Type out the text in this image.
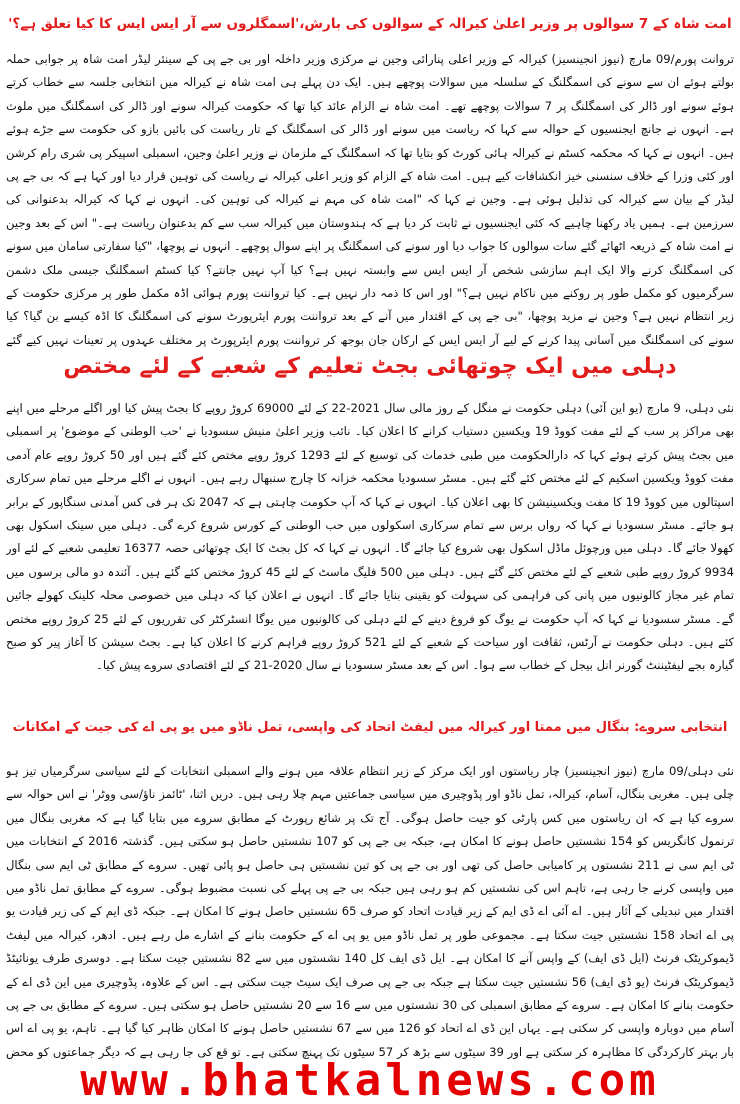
امت شاہ کے 7 سوالوں پر وزیر اعلیٰ کیرالہ کے سوالوں کی بارش،'اسمگلروں سے آر ایس ایس کا کیا تعلق ہے؟'
تروانت پورم/09 مارچ (نیوز انجینسیز) کیرالہ کے وزیر اعلی پنارائی وجین نے مرکزی وزیر داخلہ اور بی جے پی کے سینئر لیڈر امت شاہ پر جوابی حملہ بولتے ہوئے ان سے سونے کی اسمگلنگ کے سلسلہ میں سوالات پوچھے ہیں۔ ایک دن پہلے ہی امت شاہ نے کیرالہ میں انتخابی جلسہ سے خطاب کرتے ہوئے سونے اور ڈالر کی اسمگلنگ پر 7 سوالات پوچھے تھے۔ امت شاہ نے الزام عائد کیا تھا کہ حکومت کیرالہ سونے اور ڈالر کی اسمگلنگ میں ملوث ہے۔ انہوں نے جانچ ایجنسیوں کے حوالہ سے کہا کہ ریاست میں سونے اور ڈالر کی اسمگلنگ کے تار ریاست کی بائیں بازو کی حکومت سے جڑے ہوئے ہیں۔ انہوں نے کہا کہ محکمہ کسٹم نے کیرالہ ہائی کورٹ کو بتایا تھا کہ اسمگلنگ کے ملزمان نے وزیر اعلیٰ وجین، اسمبلی اسپیکر پی شری رام کرشن اور کئی وزرا کے خلاف سنسنی خیز انکشافات کیے ہیں۔ امت شاہ کے الزام کو وزیر اعلی کیرالہ نے ریاست کی توہین قرار دیا اور کہا ہے کہ بی جے پی لیڈر کے بیان سے کیرالہ کی تذلیل ہوئی ہے۔ وجین نے کہا کہ "امت شاہ کی مہم نے کیرالہ کی توہین کی۔ انہوں نے کہا کہ کیرالہ بدعنوانی کی سرزمین ہے۔ ہمیں یاد رکھنا چاہیے کہ کئی ایجنسیوں نے ثابت کر دیا ہے کہ ہندوستان میں کیرالہ سب سے کم بدعنوان ریاست ہے۔" اس کے بعد وجین نے امت شاہ کے ذریعہ اٹھائے گئے سات سوالوں کا جواب دیا اور سونے کی اسمگلنگ پر اپنے سوال پوچھے۔ انہوں نے پوچھا، "کیا سفارتی سامان میں سونے کی اسمگلنگ کرنے والا ایک اہم سازشی شخص آر ایس ایس سے وابستہ نہیں ہے؟ کیا آپ نہیں جانتے؟ کیا کسٹم اسمگلنگ جیسی ملک دشمن سرگرمیوں کو مکمل طور پر روکنے میں ناکام نہیں ہے؟" اور اس کا ذمہ دار نہیں ہے۔ کیا ترواننت پورم ہوائی اڈہ مکمل طور پر مرکزی حکومت کے زیر انتظام نہیں ہے؟ وجین نے مزید پوچھا، "بی جے پی کے اقتدار میں آنے کے بعد ترواننت پورم ایئرپورٹ سونے کی اسمگلنگ کا اڈہ کیسے بن گیا؟ کیا سونے کی اسمگلنگ میں آسانی پیدا کرنے کے لیے آر ایس ایس کے ارکان جان بوجھ کر ترواننت پورم ایئرپورٹ پر مختلف عہدوں پر تعینات نہیں کیے گئے
دہلی میں ایک چوتھائی بجٹ تعلیم کے شعبے کے لئے مختص
نئی دہلی، 9 مارچ (یو این آئی) دہلی حکومت نے منگل کے روز مالی سال 2021-22 کے لئے 69000 کروڑ روپے کا بجٹ پیش کیا اور اگلے مرحلے میں اپنے بھی مراکز پر سب کے لئے مفت کووڈ 19 ویکسین دستیاب کرانے کا اعلان کیا۔ نائب وزیر اعلیٰ منیش سسودیا نے 'حب الوطنی کے موضوع' پر اسمبلی میں بجٹ پیش کرتے ہوئے کہا کہ دارالحکومت میں طبی خدمات کی توسیع کے لئے 1293 کروڑ روپے مختص کئے گئے ہیں اور 50 کروڑ روپے عام آدمی مفت کووڈ ویکسین اسکیم کے لئے مختص کئے گئے ہیں۔ مسٹر سسودیا محکمہ خزانہ کا چارج سنبھال رہے ہیں۔ انہوں نے اگلے مرحلے میں تمام سرکاری اسپتالوں میں کووڈ 19 کا مفت ویکسینیشن کا بھی اعلان کیا۔ انہوں نے کہا کہ آپ حکومت چاہتی ہے کہ 2047 تک ہر فی کس آمدنی سنگاپور کے برابر ہو جائے۔ مسٹر سسودیا نے کہا کہ رواں برس سے تمام سرکاری اسکولوں میں حب الوطنی کے کورس شروع کرے گی۔ دہلی میں سینک اسکول بھی کھولا جائے گا۔ دہلی میں ورچوئل ماڈل اسکول بھی شروع کیا جائے گا۔ انہوں نے کہا کہ کل بجٹ کا ایک چوتھائی حصہ 16377 تعلیمی شعبے کے لئے اور 9934 کروڑ روپے طبی شعبے کے لئے مختص کئے گئے ہیں۔ دہلی میں 500 فلیگ ماسٹ کے لئے 45 کروڑ مختص کئے گئے ہیں۔ آئندہ دو مالی برسوں میں تمام غیر مجاز کالونیوں میں پانی کی فراہمی کی سہولت کو یقینی بنایا جائے گا۔ انہوں نے اعلان کیا کہ دہلی میں خصوصی محلہ کلینک کھولے جائیں گے۔ مسٹر سسودیا نے کہا کہ آپ حکومت نے یوگ کو فروغ دینے کے لئے دہلی کی کالونیوں میں یوگا انسٹرکٹر کی تقرریوں کے لئے 25 کروڑ روپے مختص کئے ہیں۔ دہلی حکومت نے آرٹس، ثقافت اور سیاحت کے شعبے کے لئے 521 کروڑ روپے فراہم کرنے کا اعلان کیا ہے۔ بجٹ سیشن کا آغاز پیر کو صبح گیارہ بجے لیفٹیننٹ گورنر انل بیجل کے خطاب سے ہوا۔ اس کے بعد مسٹر سسودیا نے سال 2020-21 کے لئے اقتصادی سروے پیش کیا۔
انتخابی سروے: بنگال میں ممتا اور کیرالہ میں لیفٹ اتحاد کی واپسی، تمل ناڈو میں یو پی اے کی جیت کے امکانات
نئی دہلی/09 مارچ (نیوز انجینسیز) چار ریاستوں اور ایک مرکز کے زیر انتظام علاقہ میں ہونے والے اسمبلی انتخابات کے لئے سیاسی سرگرمیاں تیز ہو چلی ہیں۔ مغربی بنگال، آسام، کیرالہ، تمل ناڈو اور پڈوچیری میں سیاسی جماعتیں مہم چلا رہی ہیں۔ دریں اثنا، 'ٹائمز ناؤ/سی ووٹر' نے اس حوالہ سے سروے کیا ہے کہ ان ریاستوں میں کس پارٹی کو جیت حاصل ہوگی۔ آج تک پر شائع رپورٹ کے مطابق سروے میں بتایا گیا ہے کہ مغربی بنگال میں ترنمول کانگریس کو 154 نشستیں حاصل ہونے کا امکان ہے، جبکہ بی جے پی کو 107 نشستیں حاصل ہو سکتی ہیں۔ گذشتہ 2016 کے انتخابات میں ٹی ایم سی نے 211 نشستوں پر کامیابی حاصل کی تھی اور بی جے پی کو تین نشستیں ہی حاصل ہو پائی تھیں۔ سروے کے مطابق ٹی ایم سی بنگال میں واپسی کرنے جا رہی ہے، تاہم اس کی نشستیں کم ہو رہی ہیں جبکہ بی جے پی پہلے کی نسبت مضبوط ہوگی۔ سروے کے مطابق تمل ناڈو میں اقتدار میں تبدیلی کے آثار ہیں۔ اے آئی اے ڈی ایم کے زیر قیادت اتحاد کو صرف 65 نشستیں حاصل ہونے کا امکان ہے۔ جبکہ ڈی ایم کے کی زیر قیادت یو پی اے اتحاد 158 نشستیں جیت سکتا ہے۔ مجموعی طور پر تمل ناڈو میں یو پی اے کے حکومت بنانے کے اشارے مل رہے ہیں۔ ادھر، کیرالہ میں لیفٹ ڈیموکریٹک فرنٹ (ایل ڈی ایف) کے واپس آنے کا امکان ہے۔ ایل ڈی ایف کل 140 نشستوں میں سے 82 نشستیں جیت سکتا ہے۔ دوسری طرف یونائیٹڈ ڈیموکریٹک فرنٹ (یو ڈی ایف) 56 نشستیں جیت سکتا ہے جبکہ بی جے پی صرف ایک سیٹ جیت سکتی ہے۔ اس کے علاوہ، پڈوچیری میں این ڈی اے کے حکومت بنانے کا امکان ہے۔ سروے کے مطابق اسمبلی کی 30 نشستوں میں سے 16 سے 20 نشستیں حاصل ہو سکتی ہیں۔ سروے کے مطابق بی جے پی آسام میں دوبارہ واپسی کر سکتی ہے۔ یہاں این ڈی اے اتحاد کو 126 میں سے 67 نشستیں حاصل ہونے کا امکان ظاہر کیا گیا ہے۔ تاہم، یو پی اے اس بار بہتر کارکردگی کا مظاہرہ کر سکتی ہے اور 39 سیٹوں سے بڑھ کر 57 سیٹوں تک پہنچ سکتی ہے۔ تو قع کی جا رہی ہے کہ دیگر جماعتوں کو محض
www.bhatkalnews.com
